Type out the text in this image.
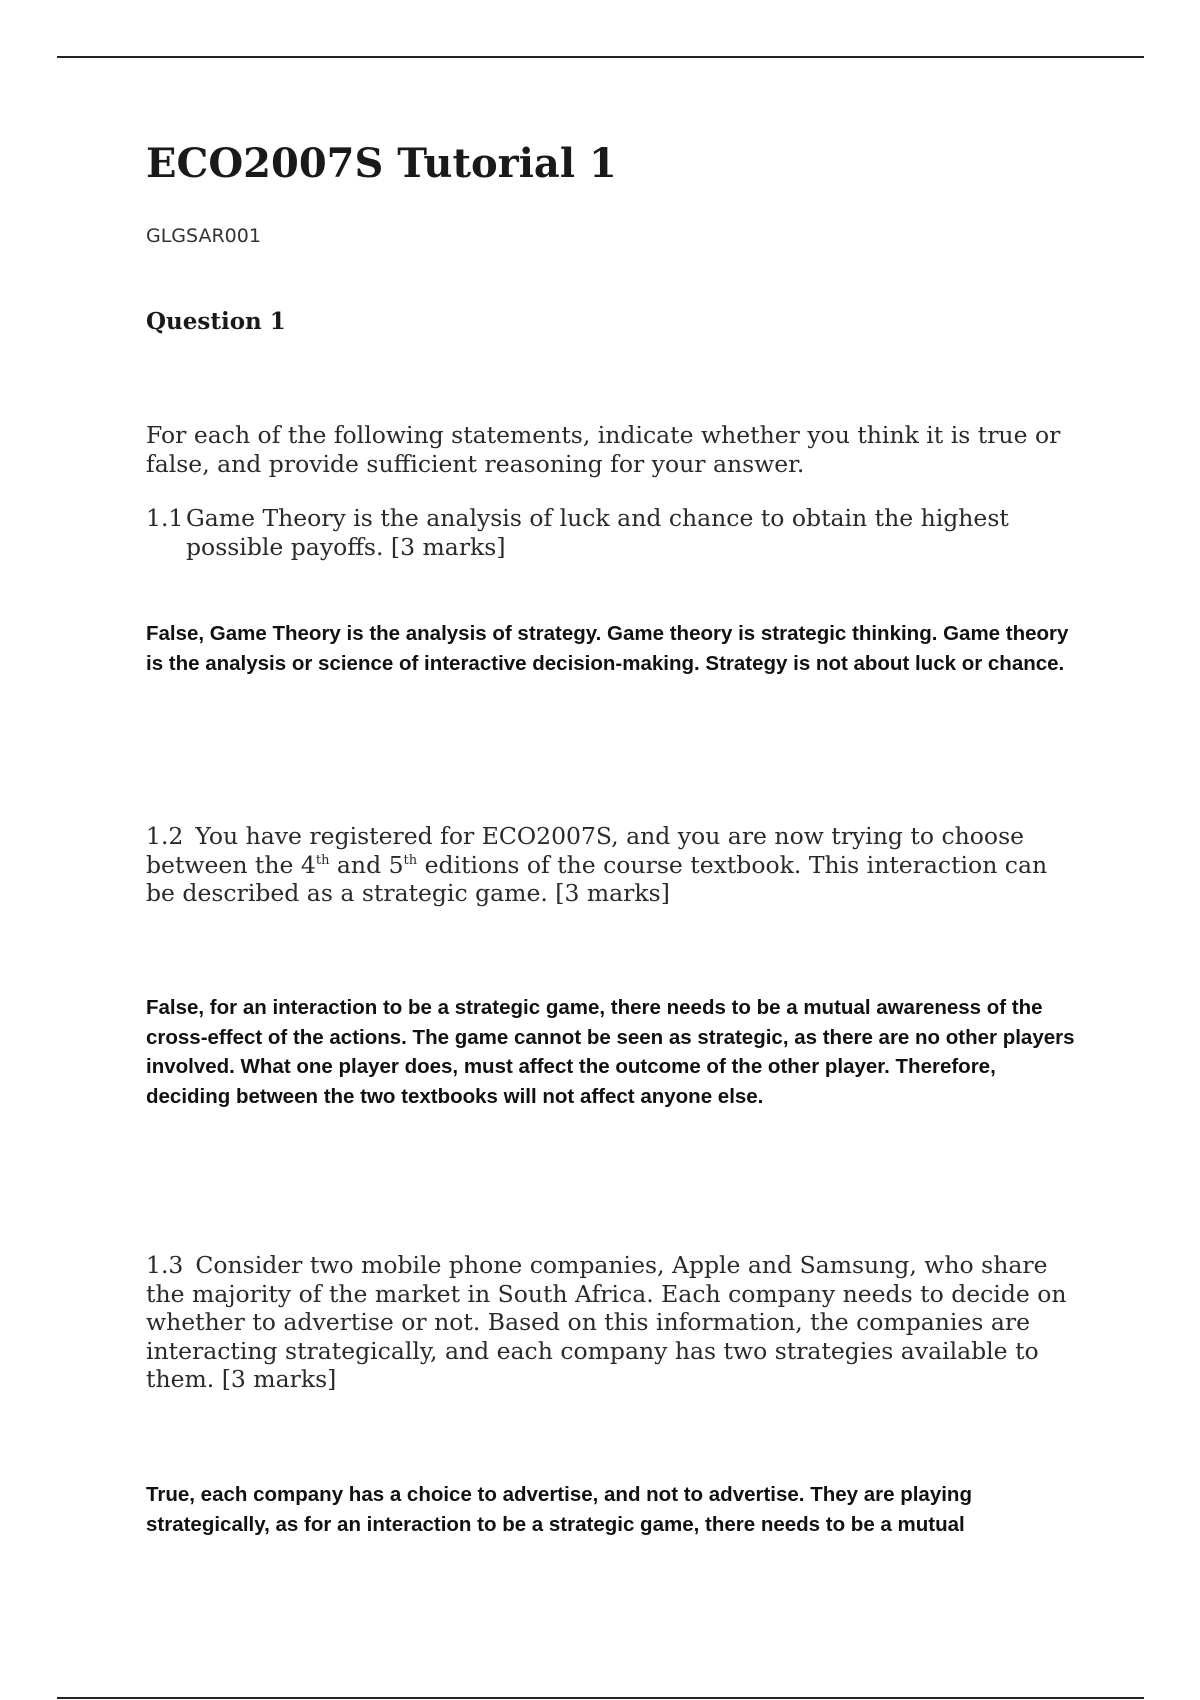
ECO2007S Tutorial 1
GLGSAR001
Question 1

For each of the following statements, indicate whether you think it is true or false, and provide sufficient reasoning for your answer.

1.1 Game Theory is the analysis of luck and chance to obtain the highest possible payoffs. [3 marks]

False, Game Theory is the analysis of strategy. Game theory is strategic thinking. Game theory is the analysis or science of interactive decision-making. Strategy is not about luck or chance.

1.2 You have registered for ECO2007S, and you are now trying to choose between the 4th and 5th editions of the course textbook. This interaction can be described as a strategic game. [3 marks]

False, for an interaction to be a strategic game, there needs to be a mutual awareness of the cross-effect of the actions. The game cannot be seen as strategic, as there are no other players involved. What one player does, must affect the outcome of the other player. Therefore, deciding between the two textbooks will not affect anyone else.

1.3 Consider two mobile phone companies, Apple and Samsung, who share the majority of the market in South Africa. Each company needs to decide on whether to advertise or not. Based on this information, the companies are interacting strategically, and each company has two strategies available to them. [3 marks]

True, each company has a choice to advertise, and not to advertise. They are playing strategically, as for an interaction to be a strategic game, there needs to be a mutual
